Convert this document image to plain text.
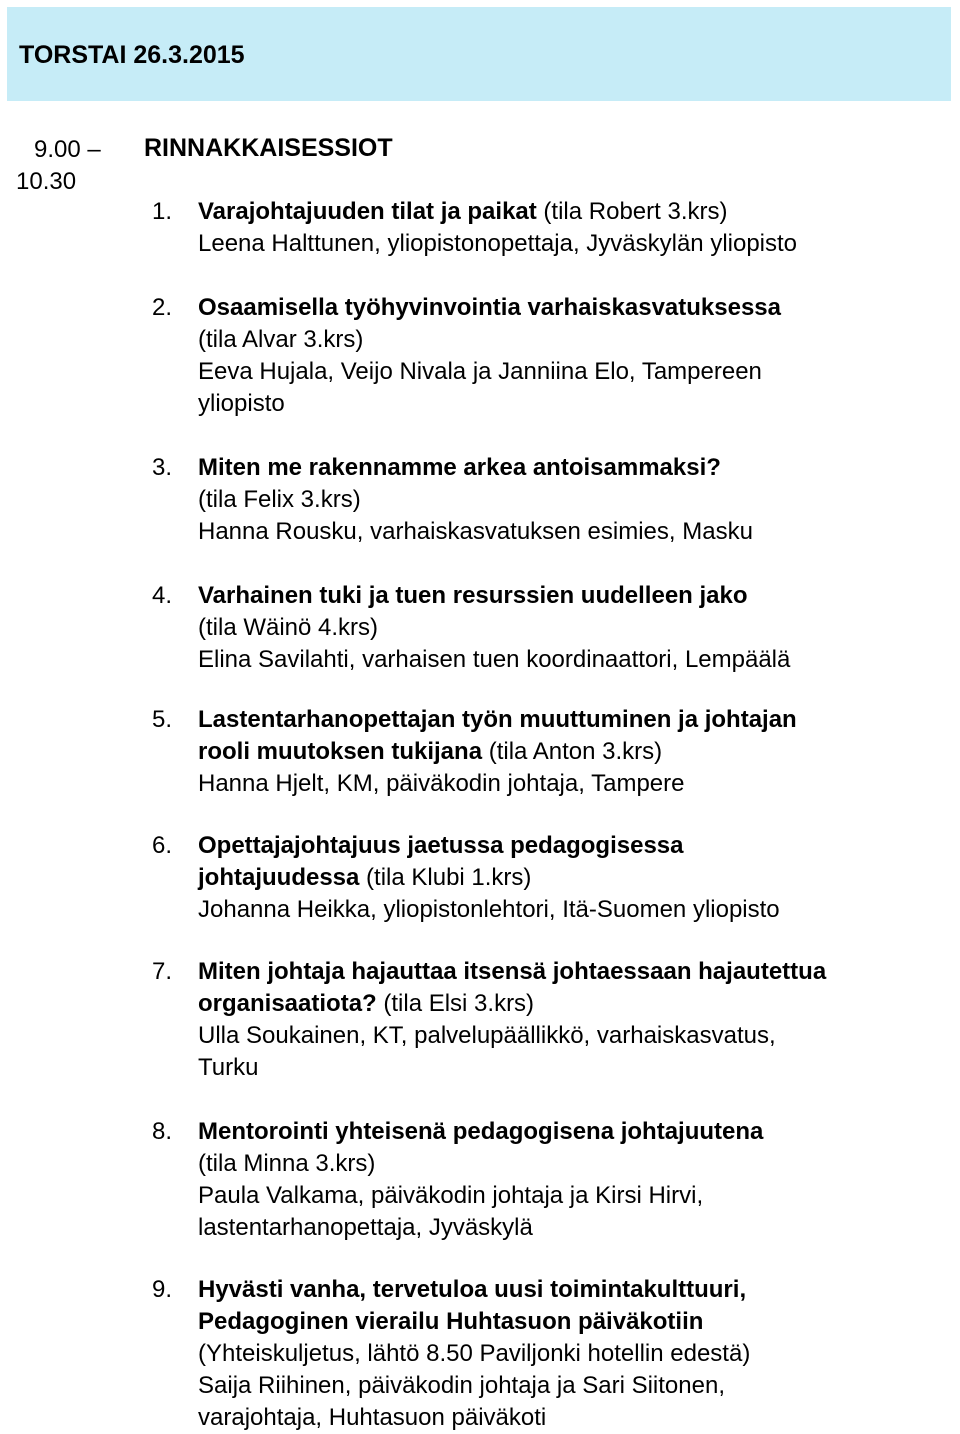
TORSTAI 26.3.2015
9.00 –
10.30
RINNAKKAISESSIOT
1.	Varajohtajuuden tilat ja paikat (tila Robert 3.krs)
Leena Halttunen, yliopistonopettaja, Jyväskylän yliopisto
2.	Osaamisella työhyvinvointia varhaiskasvatuksessa
(tila Alvar 3.krs)
Eeva Hujala, Veijo Nivala ja Janniina Elo, Tampereen
yliopisto
3.	Miten me rakennamme arkea antoisammaksi?
(tila Felix 3.krs)
Hanna Rousku, varhaiskasvatuksen esimies, Masku
4.	Varhainen tuki ja tuen resurssien uudelleen jako
(tila Wäinö 4.krs)
Elina Savilahti, varhaisen tuen koordinaattori, Lempäälä
5.	Lastentarhanopettajan työn muuttuminen ja johtajan
rooli muutoksen tukijana (tila Anton 3.krs)
Hanna Hjelt, KM, päiväkodin johtaja, Tampere
6.	Opettajajohtajuus jaetussa pedagogisessa
johtajuudessa (tila Klubi 1.krs)
Johanna Heikka, yliopistonlehtori, Itä-Suomen yliopisto
7.	Miten johtaja hajauttaa itsensä johtaessaan hajautettua
organisaatiota? (tila Elsi 3.krs)
Ulla Soukainen, KT, palvelupäällikkö, varhaiskasvatus,
Turku
8.	Mentorointi yhteisenä pedagogisena johtajuutena
(tila Minna 3.krs)
Paula Valkama, päiväkodin johtaja ja Kirsi Hirvi,
lastentarhanopettaja, Jyväskylä
9.	Hyvästi vanha, tervetuloa uusi toimintakulttuuri,
Pedagoginen vierailu Huhtasuon päiväkotiin
(Yhteiskuljetus, lähtö 8.50 Paviljonki hotellin edestä)
Saija Riihinen, päiväkodin johtaja ja Sari Siitonen,
varajohtaja, Huhtasuon päiväkoti
